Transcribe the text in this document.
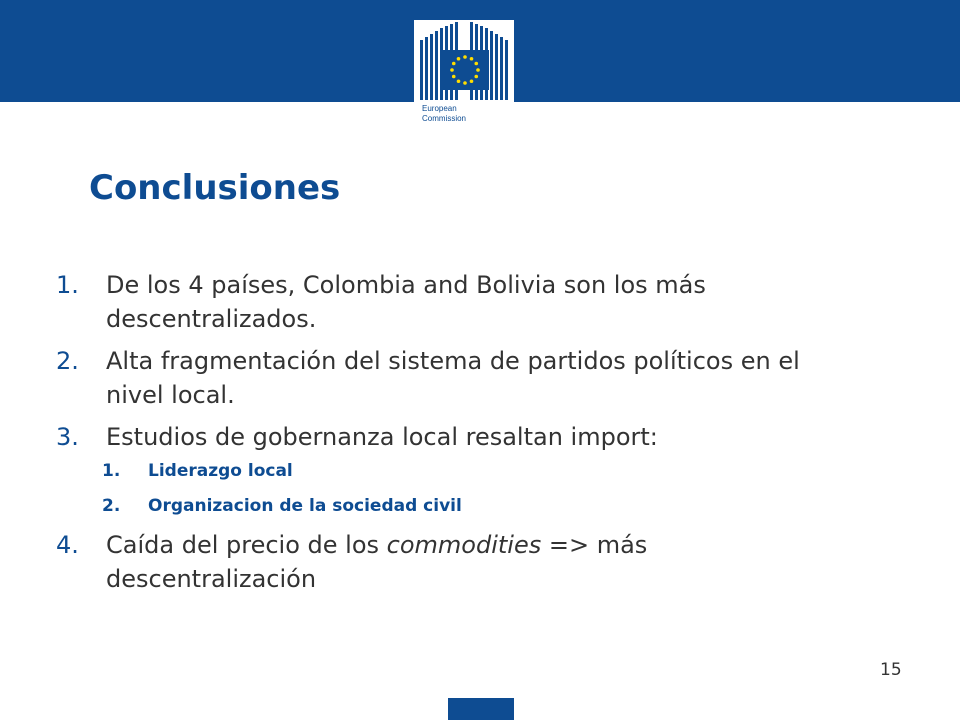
European
Commission
Conclusiones
1. De los 4 países, Colombia and Bolivia son los más descentralizados.
2. Alta fragmentación del sistema de partidos políticos en el nivel local.
3. Estudios de gobernanza local resaltan import:
1. Liderazgo local
2. Organizacion de la sociedad civil
4. Caída del precio de los commodities => más descentralización
15
